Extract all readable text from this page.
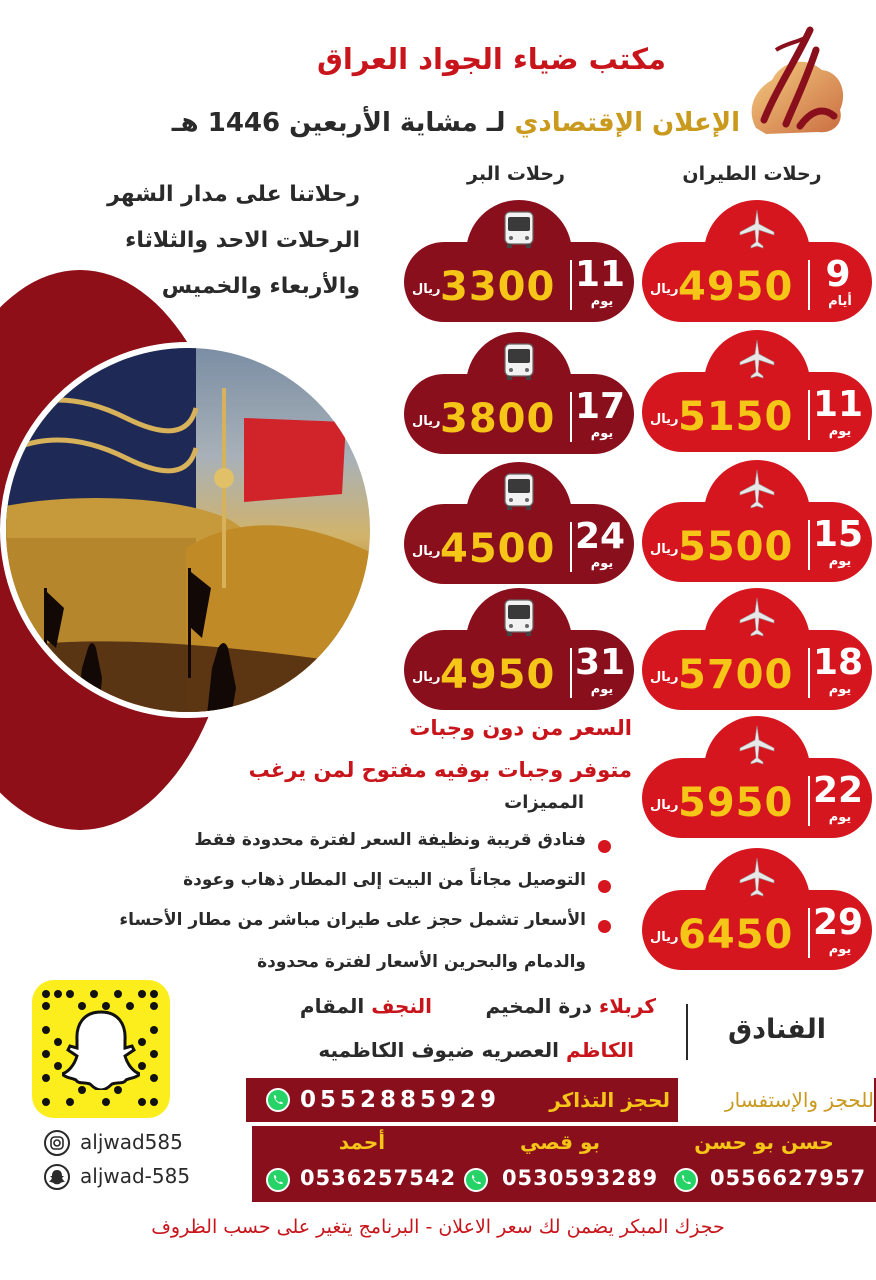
مكتب ضياء الجواد العراق
الإعلان الإقتصادي لـ مشاية الأربعين 1446 هـ
رحلات الطيران
رحلات البر
رحلاتنا على مدار الشهر
الرحلات الاحد والثلاثاء
والأربعاء والخميس	ريال 4950 9
أيام
ريال 5150 11
يوم
ريال 5500 15
يوم
ريال 5700 18
يوم
ريال 5950 22
يوم
ريال 6450 29
يوم
ريال 3300 11
يوم
ريال 3800 17
يوم
ريال 4500 24
يوم
ريال 4950 31
يوم
السعر من دون وجبات
متوفر وجبات بوفيه مفتوح لمن يرغب
المميزات
فنادق قريبة ونظيفة السعر لفترة محدودة فقط
التوصيل مجاناً من البيت إلى المطار ذهاب وعودة
الأسعار تشمل حجز على طيران مباشر من مطار الأحساء
والدمام والبحرين الأسعار لفترة محدودة
الفنادق
كربلاء درة المخيم
النجف المقام
الكاظم العصريه ضيوف الكاظميه
aljwad585
aljwad-585
للحجز والإستفسار
لحجز التذاكر
0552885929
حسن بو حسن
بو قصي
أحمد
0556627957
0530593289
0536257542
حجزك المبكر يضمن لك سعر الاعلان - البرنامج يتغير على حسب الظروف
